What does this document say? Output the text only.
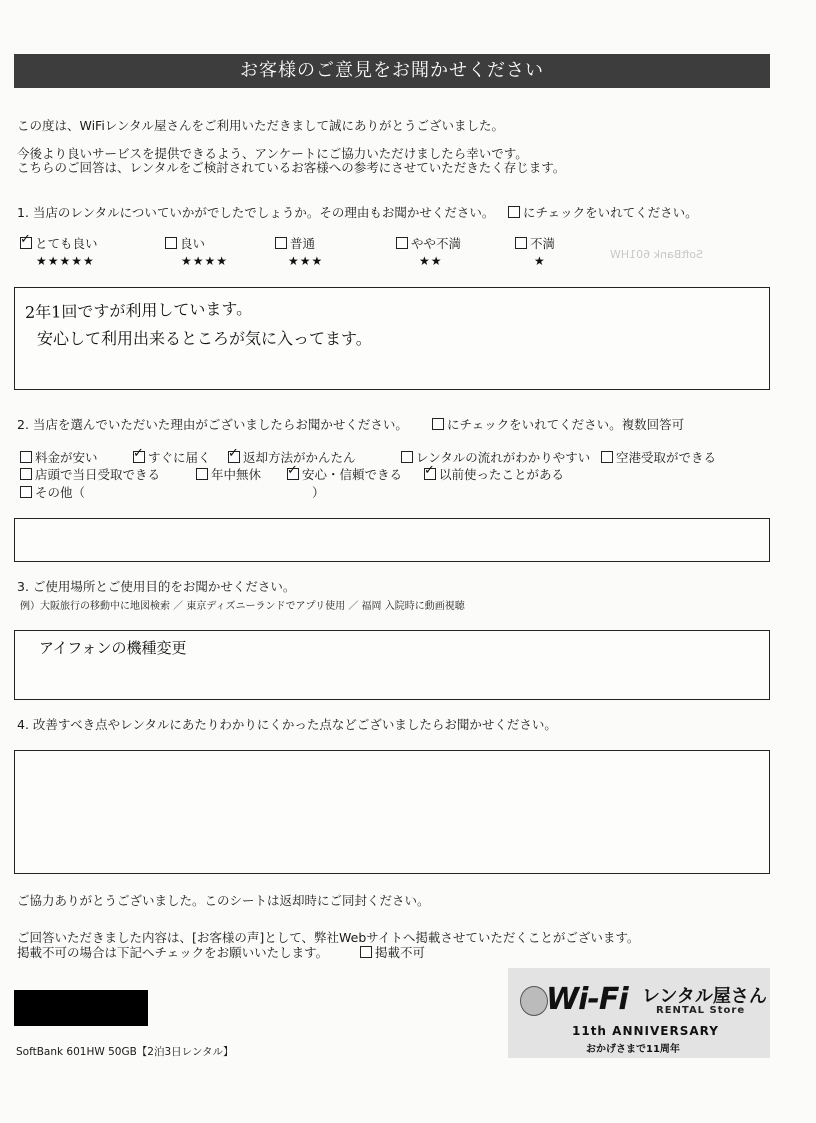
SoftBank 601HW
お客様のご意見をお聞かせください
この度は、WiFiレンタル屋さんをご利用いただきまして誠にありがとうございました。
今後より良いサービスを提供できるよう、アンケートにご協力いただけましたら幸いです。
こちらのご回答は、レンタルをご検討されているお客様への参考にさせていただきたく存じます。
1. 当店のレンタルについていかがでしたでしょうか。その理由もお聞かせください。	にチェックをいれてください。
✓とても良い
★★★★★
良い
★★★★
普通
★★★
やや不満
★★
不満
★
2年1回ですが利用しています。
安心して利用出来るところが気に入ってます。
2. 当店を選んでいただいた理由がございましたらお聞かせください。	にチェックをいれてください。複数回答可
料金が安い ✓	すぐに届く ✓	返却方法がかんたん	レンタルの流れがわかりやすい	空港受取ができる
店頭で当日受取できる	年中無休 ✓	安心・信頼できる ✓	以前使ったことがある
その他（	）
3. ご使用場所とご使用目的をお聞かせください。
例）大阪旅行の移動中に地図検索 ／ 東京ディズニーランドでアプリ使用 ／ 福岡 入院時に動画視聴
アイフォンの機種変更
4. 改善すべき点やレンタルにあたりわかりにくかった点などございましたらお聞かせください。
ご協力ありがとうございました。このシートは返却時にご同封ください。
ご回答いただきました内容は、[お客様の声]として、弊社Webサイトへ掲載させていただくことがございます。
掲載不可の場合は下記へチェックをお願いいたします。	掲載不可
SoftBank 601HW 50GB【2泊3日レンタル】
Wi-Fi レンタル屋さん
RENTAL Store
11th ANNIVERSARY
おかげさまで11周年
